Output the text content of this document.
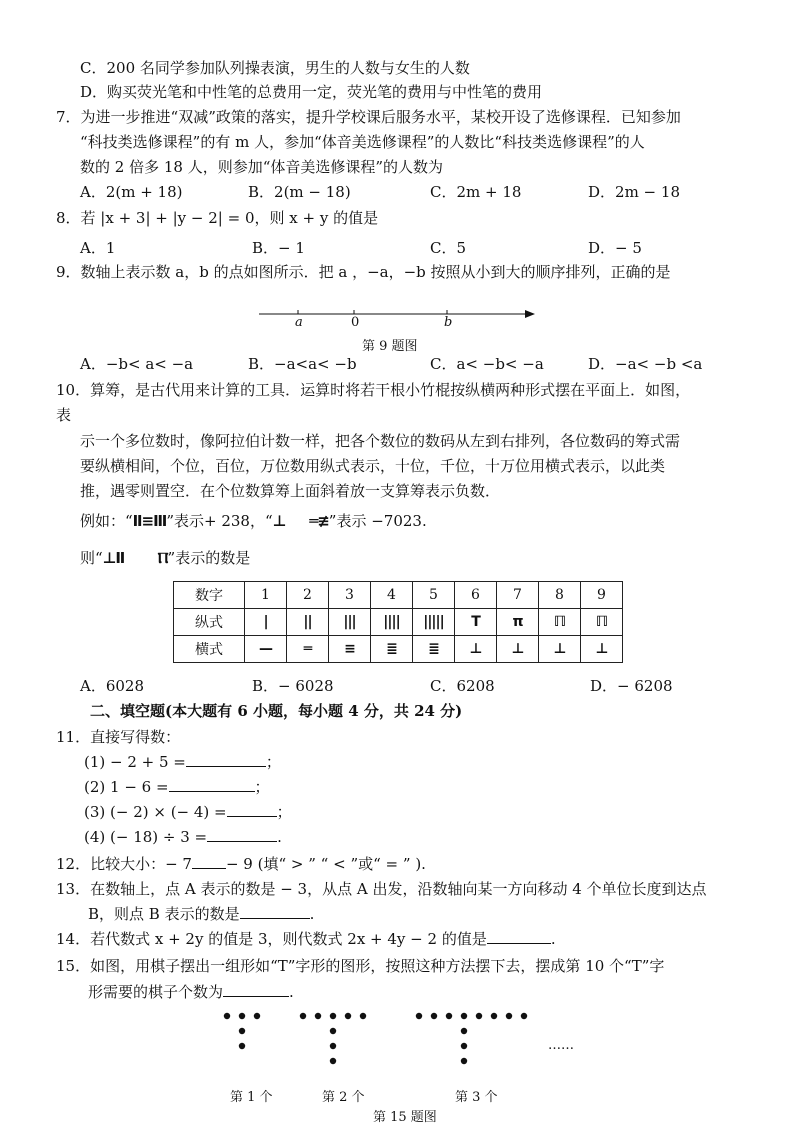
C．200 名同学参加队列操表演，男生的人数与女生的人数
D．购买荧光笔和中性笔的总费用一定，荧光笔的费用与中性笔的费用
7．为进一步推进“双减”政策的落实，提升学校课后服务水平，某校开设了选修课程．已知参加
“科技类选修课程”的有 m 人，参加“体音美选修课程”的人数比“科技类选修课程”的人
数的 2 倍多 18 人，则参加“体音美选修课程”的人数为
A．2(m + 18)	B．2(m − 18)	C．2m + 18	D．2m − 18
8．若 |x + 3| + |y − 2| = 0，则 x + y 的值是
A．1	B．− 1	C．5	D．− 5
9．数轴上表示数 a，b 的点如图所示．把 a ，−a，−b 按照从小到大的顺序排列，正确的是
a	0	b
第 9 题图
A．−b< a< −a	B．−a<a< −b	C．a< −b< −a	D．−a< −b <a
10．算筹，是古代用来计算的工具．运算时将若干根小竹棍按纵横两种形式摆在平面上．如图，
表
示一个多位数时，像阿拉伯计数一样，把各个数位的数码从左到右排列，各位数码的筹式需
要纵横相间，个位，百位，万位数用纵式表示，十位，千位，十万位用横式表示，以此类
推，遇零则置空．在个位数算筹上面斜着放一支算筹表示负数．
例如：“Ⅱ≡Ⅲ”表示+ 238，“⊥ ═≢”表示 −7023.
则“⊥Ⅱ Ⲡ”表示的数是
数字	1	2	3	4	5	6	7	8	9
纵式	|	||	|||	||||	|||||	T	π	ℿ	ℿ
横式	—	═	≡	≣	≣	⊥	⊥	⊥	⊥
A．6028	B．− 6028	C．6208	D．− 6208
二、填空题(本大题有 6 小题，每小题 4 分，共 24 分)
11．直接写得数：
(1) − 2 + 5 =	；
(2) 1 − 6 =	；
(3) (− 2) × (− 4) =	；
(4) (− 18) ÷ 3 =	.
12．比较大小：− 7 − 9 (填“ > ” “ < ”或“ = ” ).
13．在数轴上，点 A 表示的数是 − 3，从点 A 出发，沿数轴向某一方向移动 4 个单位长度到达点
B，则点 B 表示的数是	.
14．若代数式 x + 2y 的值是 3，则代数式 2x + 4y − 2 的值是	.
15．如图，用棋子摆出一组形如“T”字形的图形，按照这种方法摆下去，摆成第 10 个“T”字
形需要的棋子个数为	.
……
第 1 个	第 2 个	第 3 个
第 15 题图
